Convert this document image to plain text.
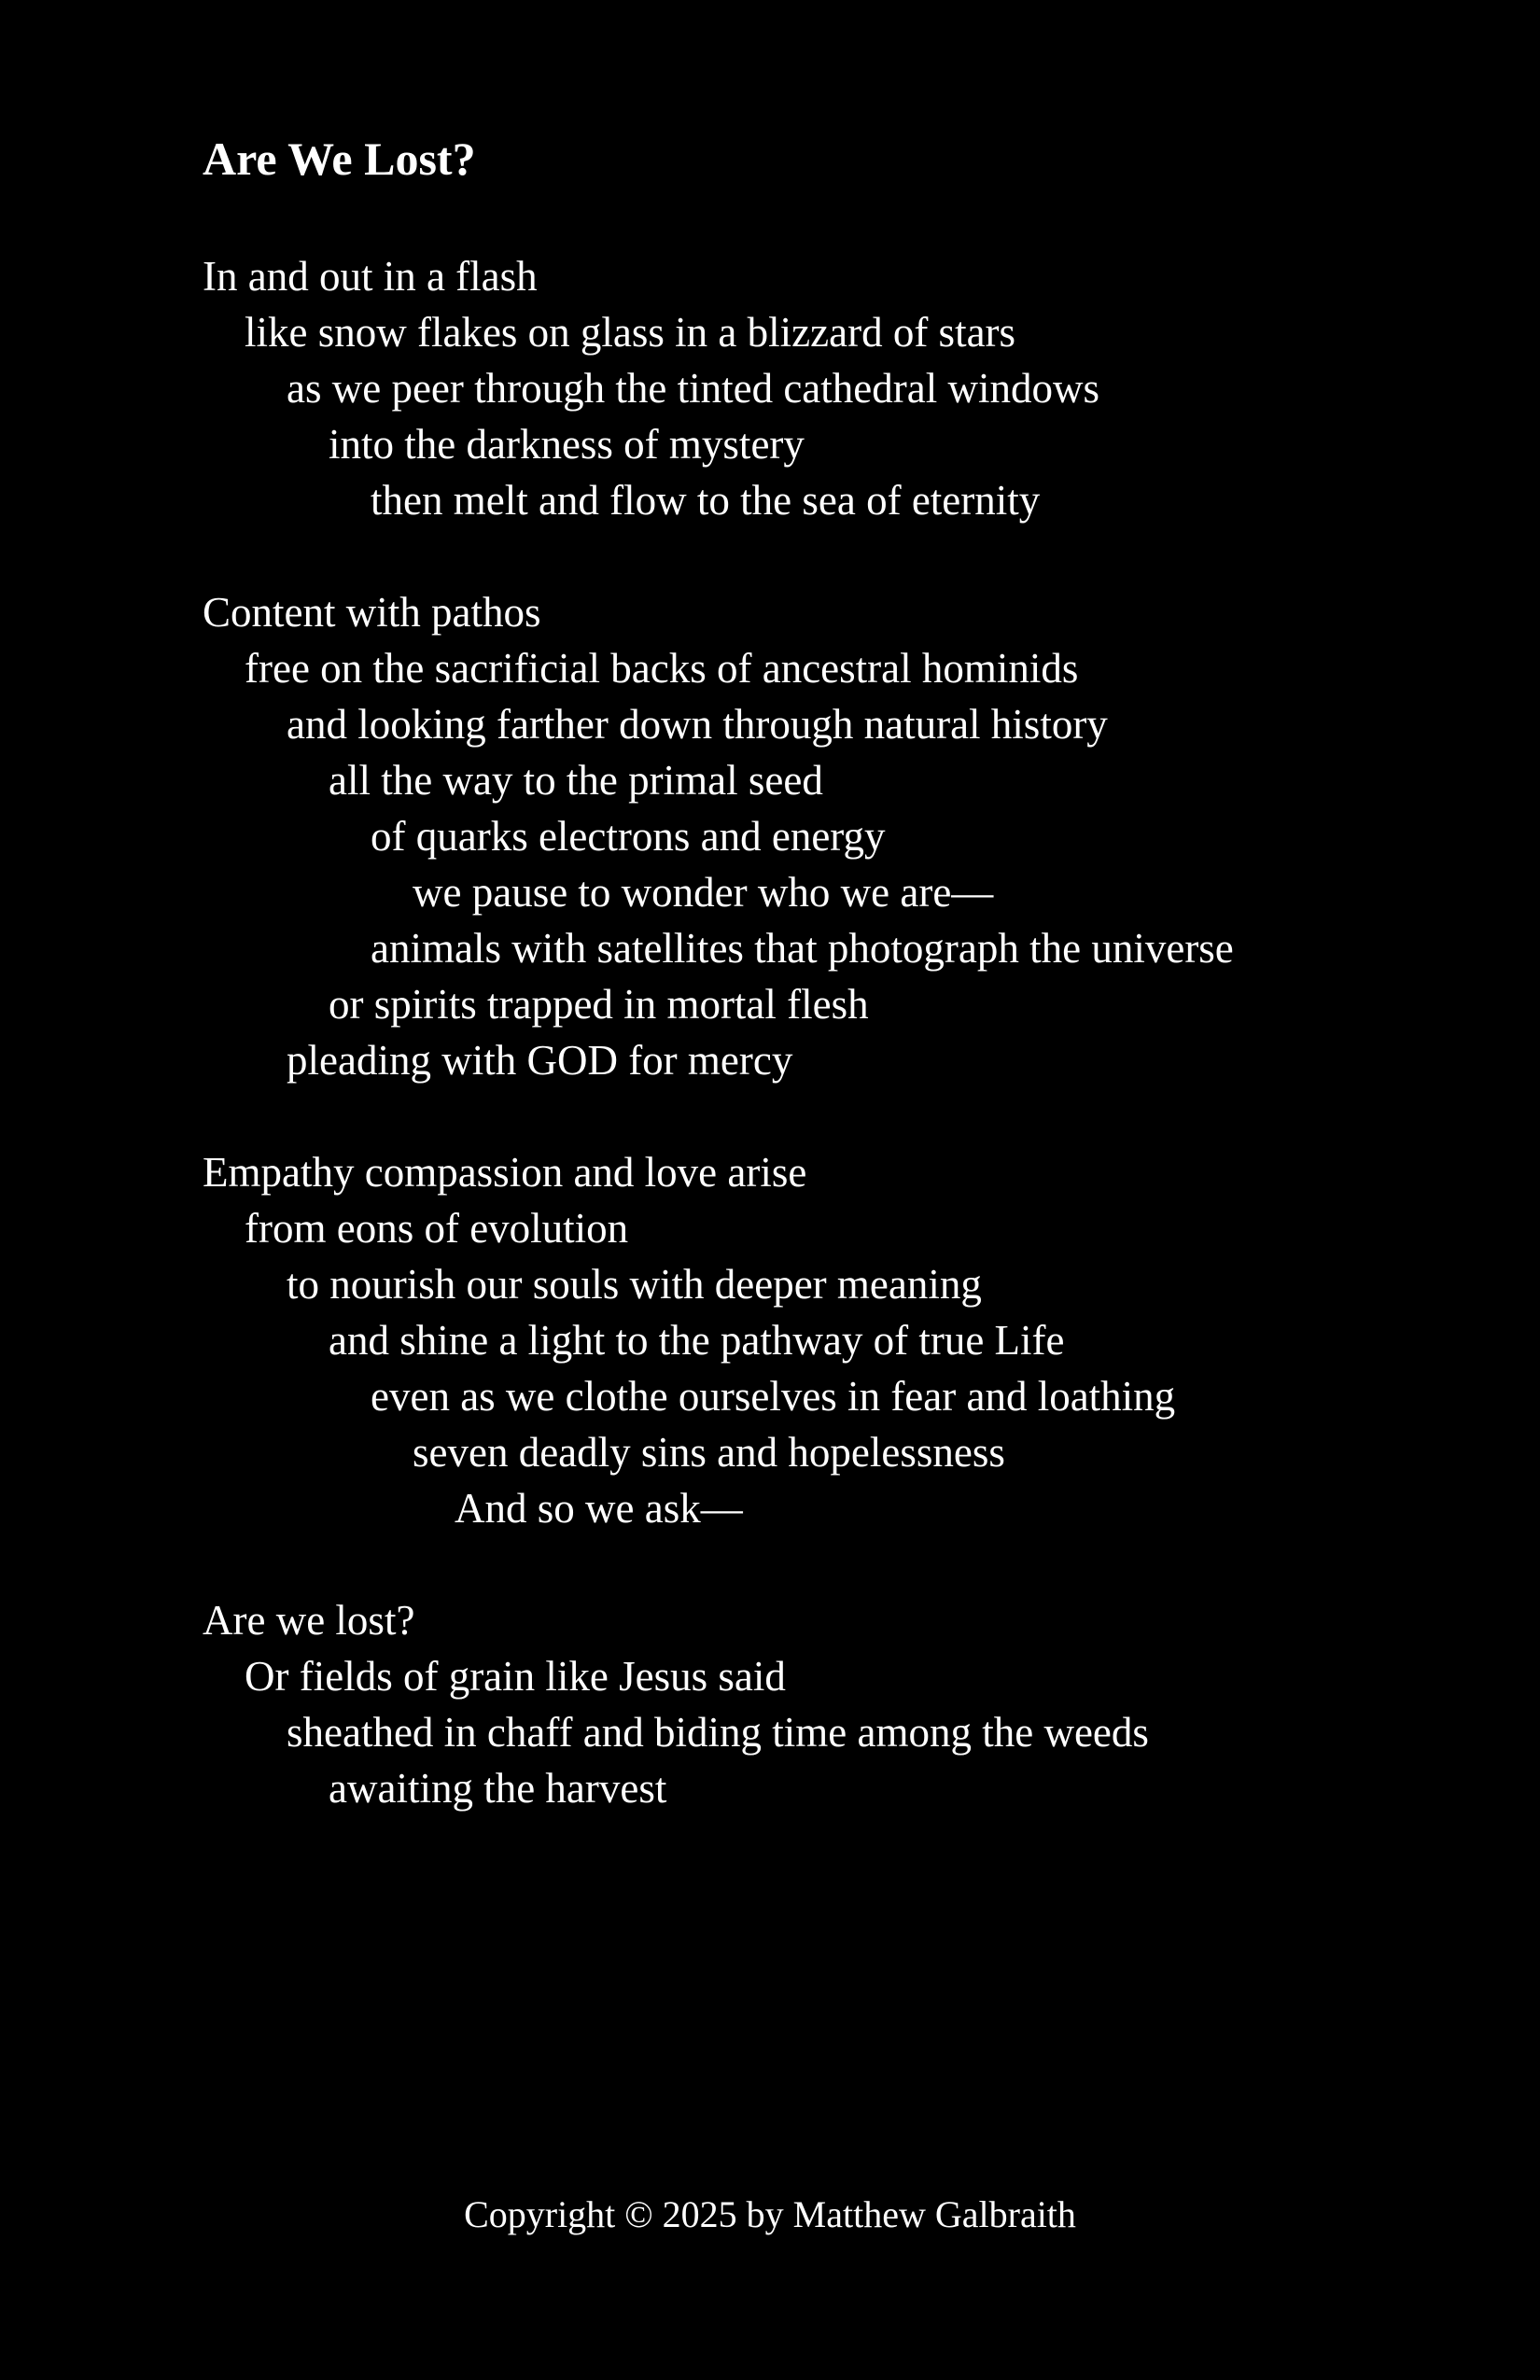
Are We Lost?
In and out in a flash
like snow flakes on glass in a blizzard of stars
as we peer through the tinted cathedral windows
into the darkness of mystery
then melt and flow to the sea of eternity
Content with pathos
free on the sacrificial backs of ancestral hominids
and looking farther down through natural history
all the way to the primal seed
of quarks electrons and energy
we pause to wonder who we are—
animals with satellites that photograph the universe
or spirits trapped in mortal flesh
pleading with GOD for mercy
Empathy compassion and love arise
from eons of evolution
to nourish our souls with deeper meaning
and shine a light to the pathway of true Life
even as we clothe ourselves in fear and loathing
seven deadly sins and hopelessness
And so we ask—
Are we lost?
Or fields of grain like Jesus said
sheathed in chaff and biding time among the weeds
awaiting the harvest

Copyright © 2025 by Matthew Galbraith
